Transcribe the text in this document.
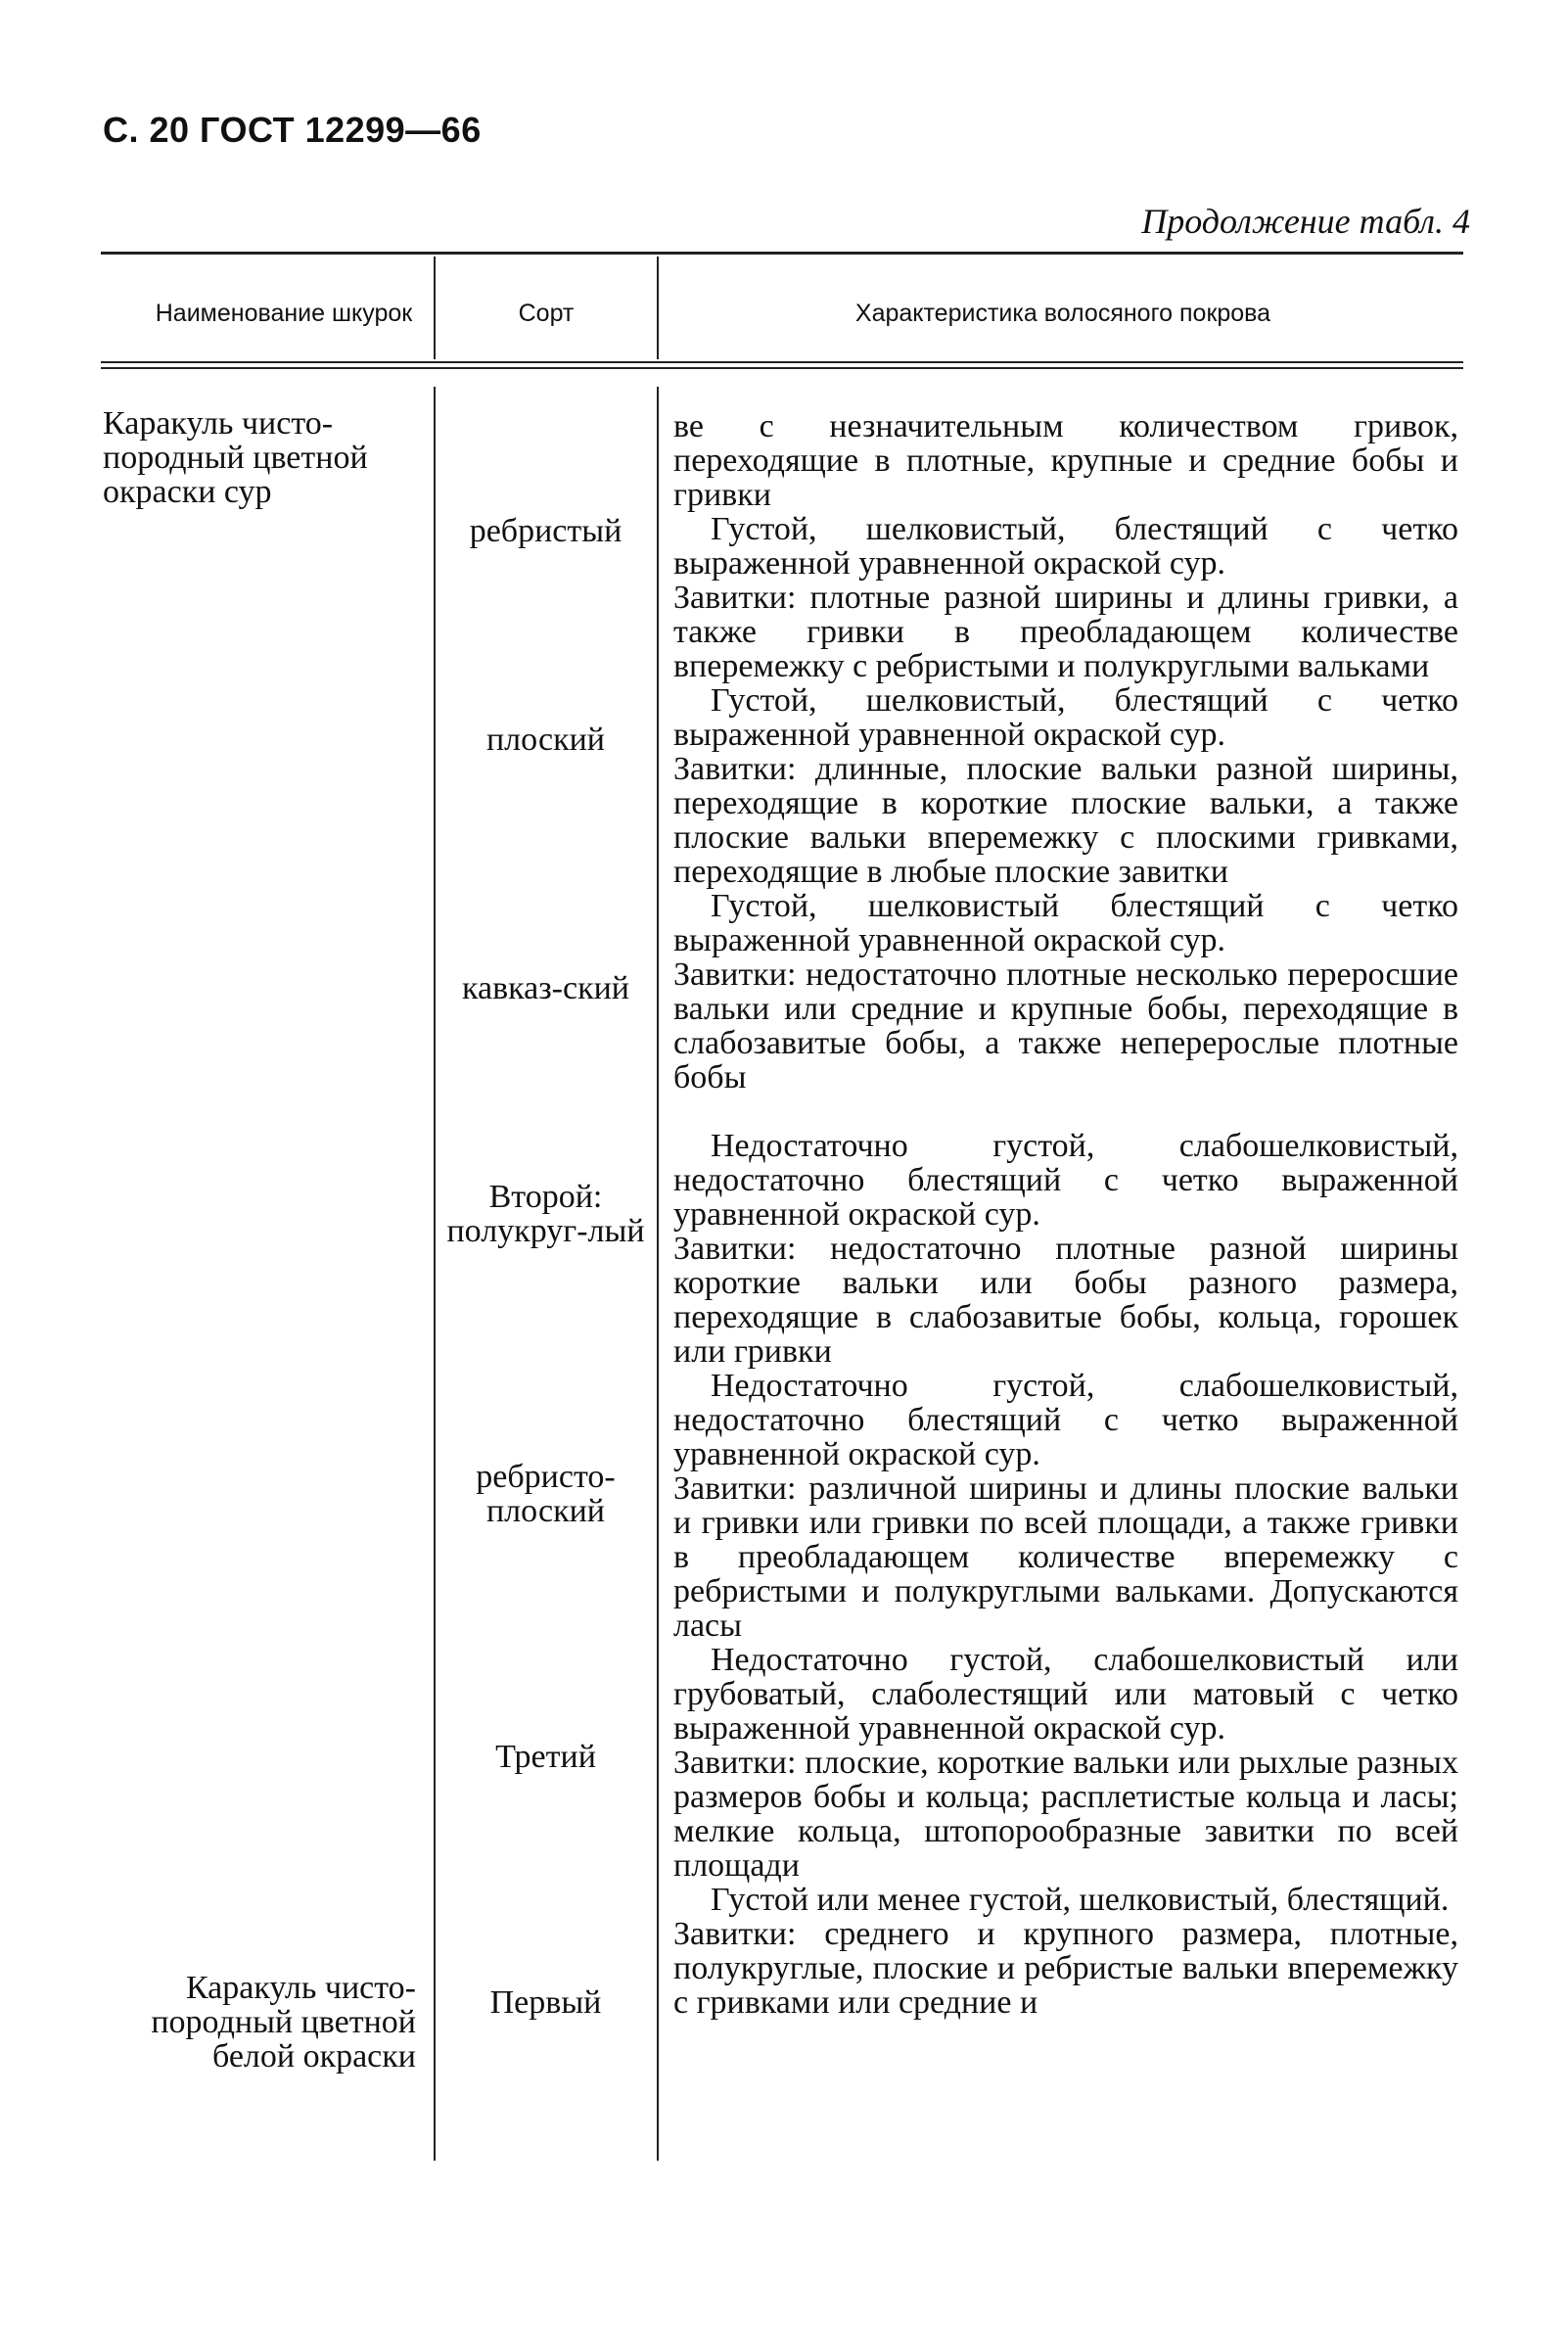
С. 20 ГОСТ 12299—66
Продолжение табл. 4
Наименование шкурок	Сорт	Характеристика волосяного покрова
Каракуль чисто-породный цветной окраски сур
Каракуль чисто-породный цветной белой окраски
ребристый
плоский
кавказ-ский
Второй: полукруг-лый
ребристо-плоский
Третий
Первый

ве с незначительным количеством гривок, переходящие в плотные, крупные и средние бобы и гривки

Густой, шелковистый, блестящий с четко выраженной уравненной окраской сур.

Завитки: плотные разной ширины и длины гривки, а также гривки в преобладающем количестве вперемежку с ребристыми и полукруглыми вальками

Густой, шелковистый, блестящий с четко выраженной уравненной окраской сур.

Завитки: длинные, плоские вальки разной ширины, переходящие в короткие плоские вальки, а также плоские вальки вперемежку с плоскими гривками, переходящие в любые плоские завитки

Густой, шелковистый блестящий с четко выраженной уравненной окраской сур.

Завитки: недостаточно плотные несколько переросшие вальки или средние и крупные бобы, переходящие в слабозавитые бобы, а также неперерослые плотные бобы

Недостаточно густой, слабошелковистый, недостаточно блестящий с четко выраженной уравненной окраской сур.

Завитки: недостаточно плотные разной ширины короткие вальки или бобы разного размера, переходящие в слабозавитые бобы, кольца, горошек или гривки

Недостаточно густой, слабошелковистый, недостаточно блестящий с четко выраженной уравненной окраской сур.

Завитки: различной ширины и длины плоские вальки и гривки или гривки по всей площади, а также гривки в преобладающем количестве вперемежку с ребристыми и полукруглыми вальками. Допускаются ласы

Недостаточно густой, слабошелковистый или грубоватый, слаболестящий или матовый с четко выраженной уравненной окраской сур.

Завитки: плоские, короткие вальки или рыхлые разных размеров бобы и кольца; расплетистые кольца и ласы; мелкие кольца, штопорообразные завитки по всей площади

Густой или менее густой, шелковистый, блестящий.

Завитки: среднего и крупного размера, плотные, полукруглые, плоские и ребристые вальки вперемежку с гривками или средние и
